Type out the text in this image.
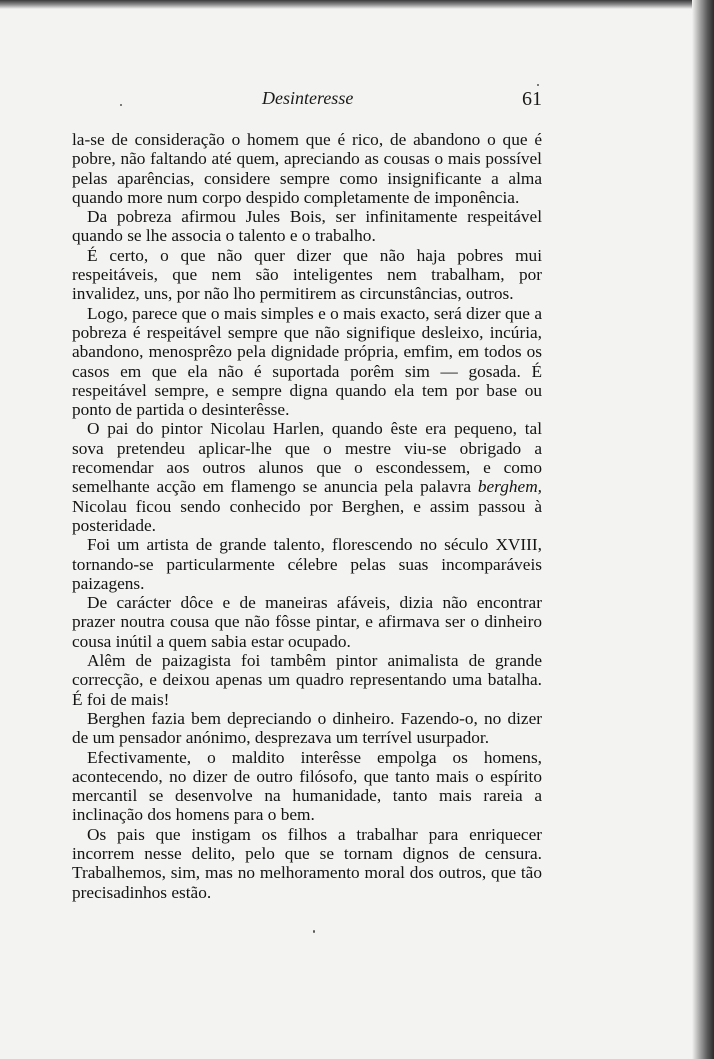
Desinteresse	61

la-se de consideração o homem que é rico, de abandono o que é pobre, não faltando até quem, apreciando as cousas o mais possível pelas aparências, considere sempre como insignificante a alma quando more num corpo despido completamente de imponência.

Da pobreza afirmou Jules Bois, ser infinitamente respeitável quando se lhe associa o talento e o trabalho.

É certo, o que não quer dizer que não haja pobres mui respeitáveis, que nem são inteligentes nem trabalham, por invalidez, uns, por não lho permitirem as circunstâncias, outros.

Logo, parece que o mais simples e o mais exacto, será dizer que a pobreza é respeitável sempre que não signifique desleixo, incúria, abandono, menosprêzo pela dignidade própria, emfim, em todos os casos em que ela não é suportada porêm sim — gosada. É respeitável sempre, e sempre digna quando ela tem por base ou ponto de partida o desinterêsse.

O pai do pintor Nicolau Harlen, quando êste era pequeno, tal sova pretendeu aplicar-lhe que o mestre viu-se obrigado a recomendar aos outros alunos que o escondessem, e como semelhante acção em flamengo se anuncia pela palavra berghem, Nicolau ficou sendo conhecido por Berghen, e assim passou à posteridade.

Foi um artista de grande talento, florescendo no século XVIII, tornando-se particularmente célebre pelas suas incomparáveis paizagens.

De carácter dôce e de maneiras afáveis, dizia não encontrar prazer noutra cousa que não fôsse pintar, e afirmava ser o dinheiro cousa inútil a quem sabia estar ocupado.

Alêm de paizagista foi tambêm pintor animalista de grande correcção, e deixou apenas um quadro representando uma batalha. É foi de mais!

Berghen fazia bem depreciando o dinheiro. Fazendo-o, no dizer de um pensador anónimo, desprezava um terrível usurpador.

Efectivamente, o maldito interêsse empolga os homens, acontecendo, no dizer de outro filósofo, que tanto mais o espírito mercantil se desenvolve na humanidade, tanto mais rareia a inclinação dos homens para o bem.

Os pais que instigam os filhos a trabalhar para enriquecer incorrem nesse delito, pelo que se tornam dignos de censura. Trabalhemos, sim, mas no melhoramento moral dos outros, que tão precisadinhos estão.
